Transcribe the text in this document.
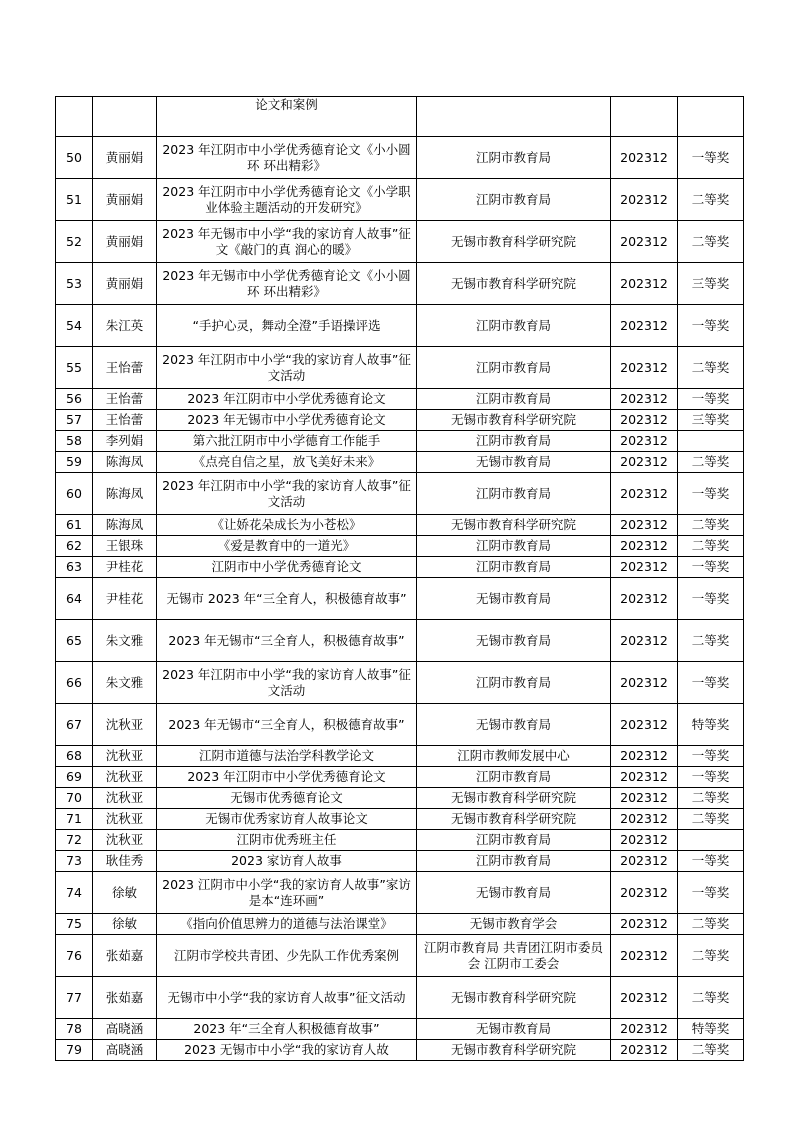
		论文和案例			
50	黄丽娟	2023 年江阴市中小学优秀德育论文《小小圆环 环出精彩》	江阴市教育局	202312	一等奖
51	黄丽娟	2023 年江阴市中小学优秀德育论文《小学职业体验主题活动的开发研究》	江阴市教育局	202312	二等奖
52	黄丽娟	2023 年无锡市中小学“我的家访育人故事”征文《敲门的真 润心的暖》	无锡市教育科学研究院	202312	二等奖
53	黄丽娟	2023 年无锡市中小学优秀德育论文《小小圆环 环出精彩》	无锡市教育科学研究院	202312	三等奖
54	朱江英	“手护心灵，舞动全澄”手语操评选	江阴市教育局	202312	一等奖
55	王怡蕾	2023 年江阴市中小学“我的家访育人故事”征文活动	江阴市教育局	202312	二等奖
56	王怡蕾	2023 年江阴市中小学优秀德育论文	江阴市教育局	202312	一等奖
57	王怡蕾	2023 年无锡市中小学优秀德育论文	无锡市教育科学研究院	202312	三等奖
58	李列娟	第六批江阴市中小学德育工作能手	江阴市教育局	202312	
59	陈海凤	《点亮自信之星，放飞美好未来》	无锡市教育局	202312	二等奖
60	陈海凤	2023 年江阴市中小学“我的家访育人故事”征文活动	江阴市教育局	202312	一等奖
61	陈海凤	《让娇花朵成长为小苍松》	无锡市教育科学研究院	202312	二等奖
62	王银珠	《爱是教育中的一道光》	江阴市教育局	202312	二等奖
63	尹桂花	江阴市中小学优秀德育论文	江阴市教育局	202312	一等奖
64	尹桂花	无锡市 2023 年“三全育人，积极德育故事”	无锡市教育局	202312	一等奖
65	朱文雅	2023 年无锡市“三全育人，积极德育故事”	无锡市教育局	202312	二等奖
66	朱文雅	2023 年江阴市中小学“我的家访育人故事”征文活动	江阴市教育局	202312	一等奖
67	沈秋亚	2023 年无锡市“三全育人，积极德育故事”	无锡市教育局	202312	特等奖
68	沈秋亚	江阴市道德与法治学科教学论文	江阴市教师发展中心	202312	一等奖
69	沈秋亚	2023 年江阴市中小学优秀德育论文	江阴市教育局	202312	一等奖
70	沈秋亚	无锡市优秀德育论文	无锡市教育科学研究院	202312	二等奖
71	沈秋亚	无锡市优秀家访育人故事论文	无锡市教育科学研究院	202312	二等奖
72	沈秋亚	江阴市优秀班主任	江阴市教育局	202312	
73	耿佳秀	2023 家访育人故事	江阴市教育局	202312	一等奖
74	徐敏	2023 江阴市中小学“我的家访育人故事”家访是本“连环画”	无锡市教育局	202312	一等奖
75	徐敏	《指向价值思辨力的道德与法治课堂》	无锡市教育学会	202312	二等奖
76	张茹嘉	江阴市学校共青团、少先队工作优秀案例	江阴市教育局 共青团江阴市委员会 江阴市工委会	202312	二等奖
77	张茹嘉	无锡市中小学“我的家访育人故事”征文活动	无锡市教育科学研究院	202312	二等奖
78	高晓涵	2023 年“三全育人积极德育故事”	无锡市教育局	202312	特等奖
79	高晓涵	2023 无锡市中小学“我的家访育人故	无锡市教育科学研究院	202312	二等奖
